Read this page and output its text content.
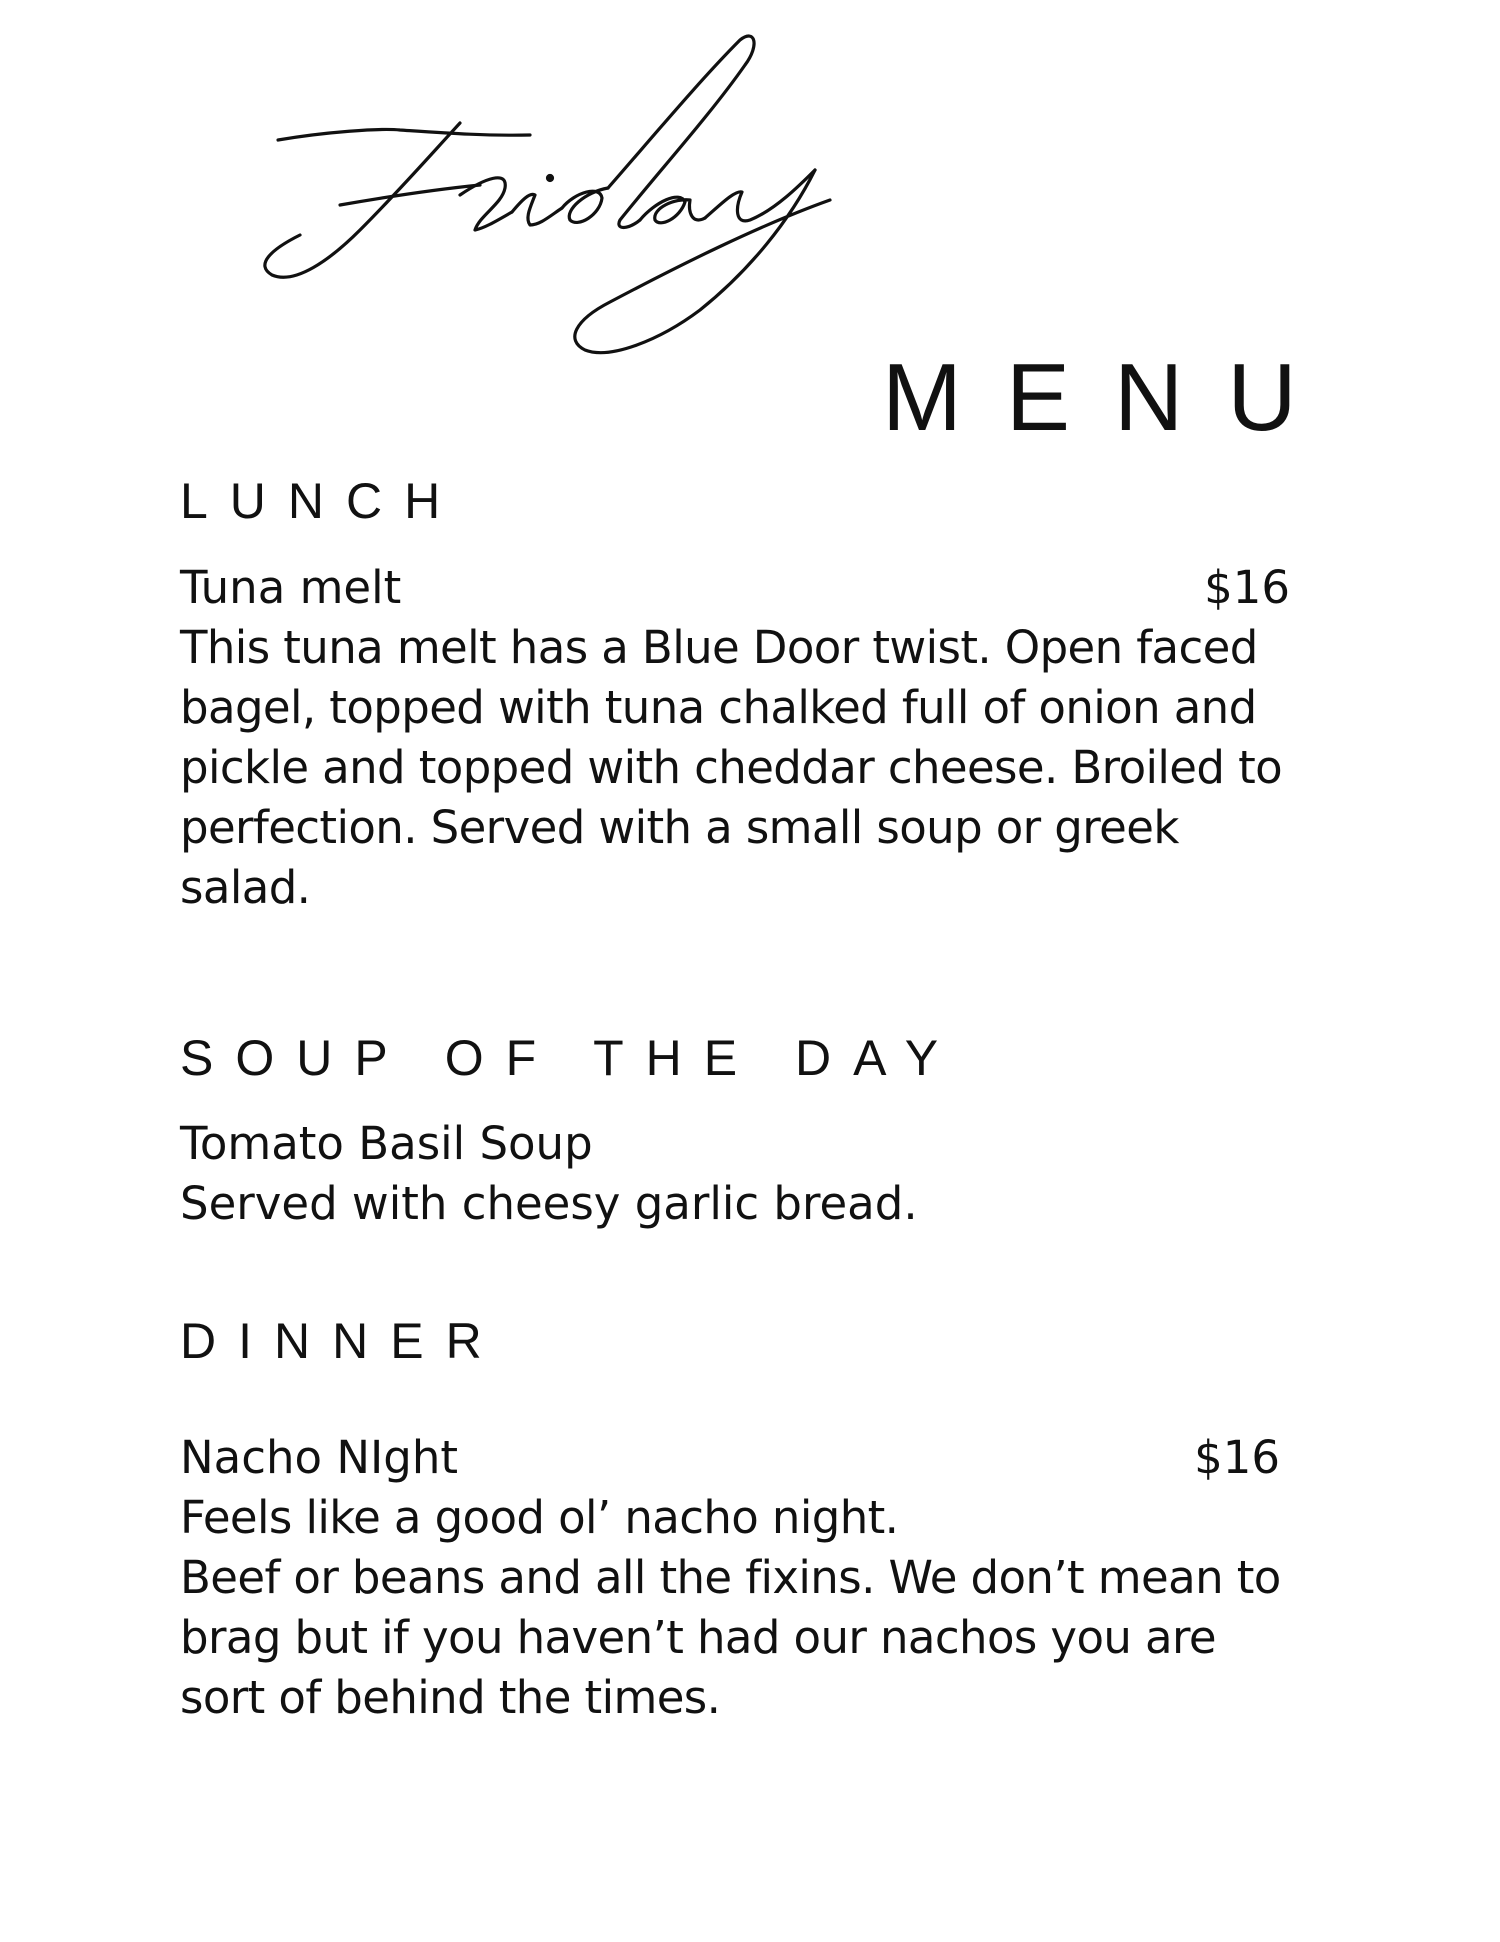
MENU
LUNCH
Tuna melt	$16

This tuna melt has a Blue Door twist. Open faced bagel, topped with tuna chalked full of onion and pickle and topped with cheddar cheese. Broiled to perfection. Served with a small soup or greek salad.

SOUP OF THE DAY

Tomato Basil Soup

Served with cheesy garlic bread.

DINNER
Nacho NIght	$16

Feels like a good ol’ nacho night.

Beef or beans and all the fixins. We don’t mean to brag but if you haven’t had our nachos you are sort of behind the times.
